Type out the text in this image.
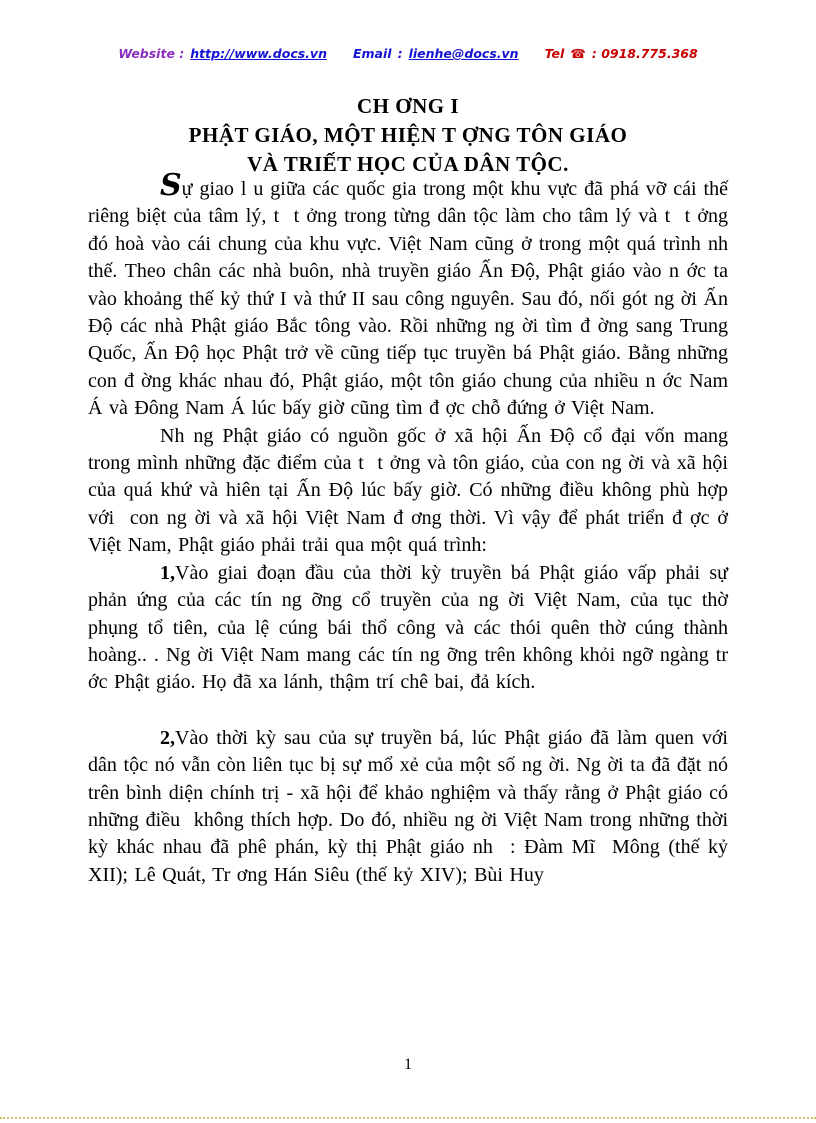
Website : http://www.docs.vn Email : lienhe@docs.vn Tel ☎ : 0918.775.368
CH ƠNG I
PHẬT GIÁO, MỘT HIỆN T ỢNG TÔN GIÁO
VÀ TRIẾT HỌC CỦA DÂN TỘC.

Sự giao l u giữa các quốc gia trong một khu vực đã phá vỡ cái thế riêng biệt của tâm lý, t  t ởng trong từng dân tộc làm cho tâm lý và t  t ởng đó hoà vào cái chung của khu vực. Việt Nam cũng ở trong một quá trình nh  thế. Theo chân các nhà buôn, nhà truyền giáo Ấn Độ, Phật giáo vào n ớc ta vào khoảng thế kỷ thứ I và thứ II sau công nguyên. Sau đó, nối gót ng ời Ấn Độ các nhà Phật giáo Bắc tông vào. Rồi những ng ời tìm đ ờng sang Trung Quốc, Ấn Độ học Phật trở về cũng tiếp tục truyền bá Phật giáo. Bằng những con đ ờng khác nhau đó, Phật giáo, một tôn giáo chung của nhiều n ớc Nam Á và Đông Nam Á lúc bấy giờ cũng tìm đ ợc chỗ đứng ở Việt Nam.

Nh ng Phật giáo có nguồn gốc ở xã hội Ấn Độ cổ đại vốn mang trong mình những đặc điểm của t  t ởng và tôn giáo, của con ng ời và xã hội của quá khứ và hiên tại Ấn Độ lúc bấy giờ. Có những điều không phù hợp với  con ng ời và xã hội Việt Nam đ ơng thời. Vì vậy để phát triển đ ợc ở Việt Nam, Phật giáo phải trải qua một quá trình:

1,Vào giai đoạn đầu của thời kỳ truyền bá Phật giáo vấp phải sự phản ứng của các tín ng ỡng cổ truyền của ng ời Việt Nam, của tục thờ phụng tổ tiên, của lệ cúng bái thổ công và các thói quên thờ cúng thành hoàng.. . Ng ời Việt Nam mang các tín ng ỡng trên không khỏi ngỡ ngàng tr ớc Phật giáo. Họ đã xa lánh, thậm trí chê bai, đả kích.

2,Vào thời kỳ sau của sự truyền bá, lúc Phật giáo đã làm quen với dân tộc nó vẫn còn liên tục bị sự mổ xẻ của một số ng ời. Ng ời ta đã đặt nó trên bình diện chính trị - xã hội để khảo nghiệm và thấy rằng ở Phật giáo có những điều  không thích hợp. Do đó, nhiều ng ời Việt Nam trong những thời kỳ khác nhau đã phê phán, kỳ thị Phật giáo nh  : Đàm Mĩ  Mông (thế kỷ XII); Lê Quát, Tr ơng Hán Siêu (thế kỷ XIV); Bùi Huy

1
